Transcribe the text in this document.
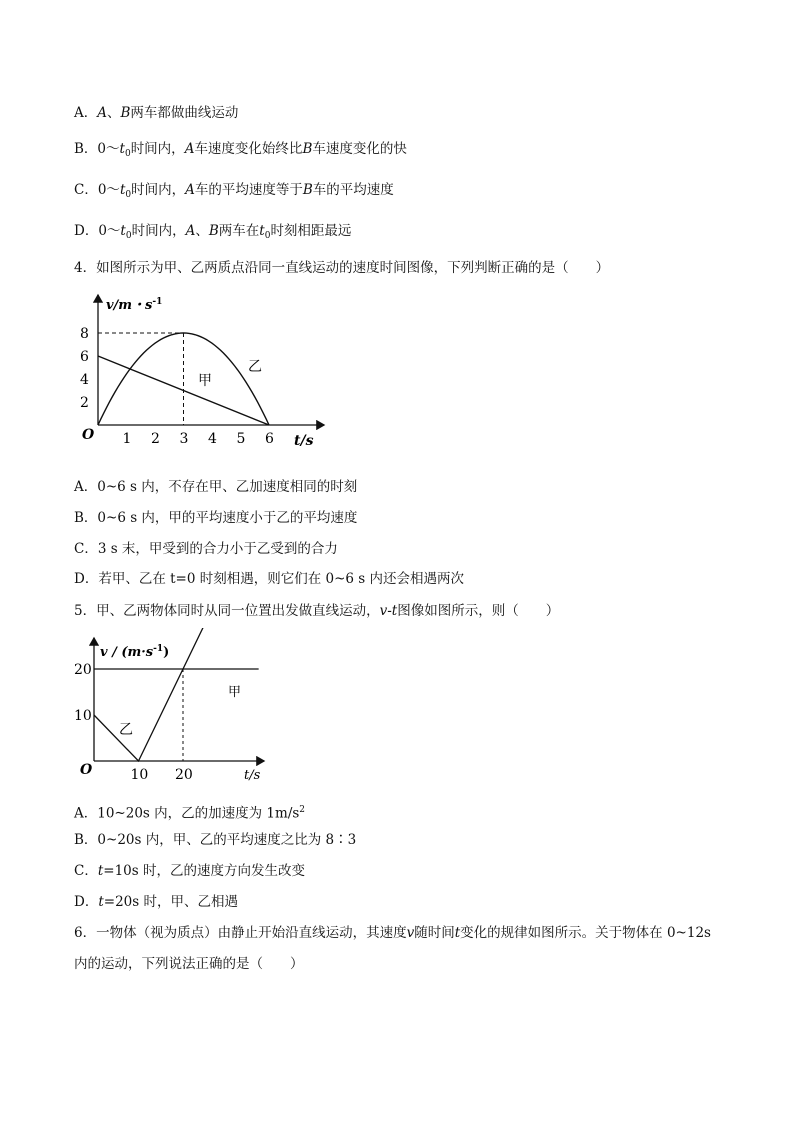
A．A、B两车都做曲线运动
B．$0\sim t_0$时间内，A车速度变化始终比B车速度变化的快
C．$0\sim t_0$时间内，A车的平均速度等于B车的平均速度
D．$0\sim t_0$时间内，A、B两车在$t_0$时刻相距最远
4．如图所示为甲、乙两质点沿同一直线运动的速度时间图像，下列判断正确的是（　　）
v/m・$s^{-1}$
t/s
O
2
4
6
8
1 2 3 4 5 6
甲
乙
A．0~6 s 内，不存在甲、乙加速度相同的时刻
B．0~6 s 内，甲的平均速度小于乙的平均速度
C．3 s 末，甲受到的合力小于乙受到的合力
D．若甲、乙在 t=0 时刻相遇，则它们在 0~6 s 内还会相遇两次
5．甲、乙两物体同时从同一位置出发做直线运动，v-t图像如图所示，则（　　）
$v / (m\cdot s^{-1})$
t/s
O
10
20
10 20
甲
乙
A．10~20s 内，乙的加速度为 $1m/s^2$
B．0~20s 内，甲、乙的平均速度之比为 8∶3
C．t=10s 时，乙的速度方向发生改变
D．t=20s 时，甲、乙相遇
6．一物体（视为质点）由静止开始沿直线运动，其速度v随时间t变化的规律如图所示。关于物体在 0~12s
内的运动，下列说法正确的是（　　）
